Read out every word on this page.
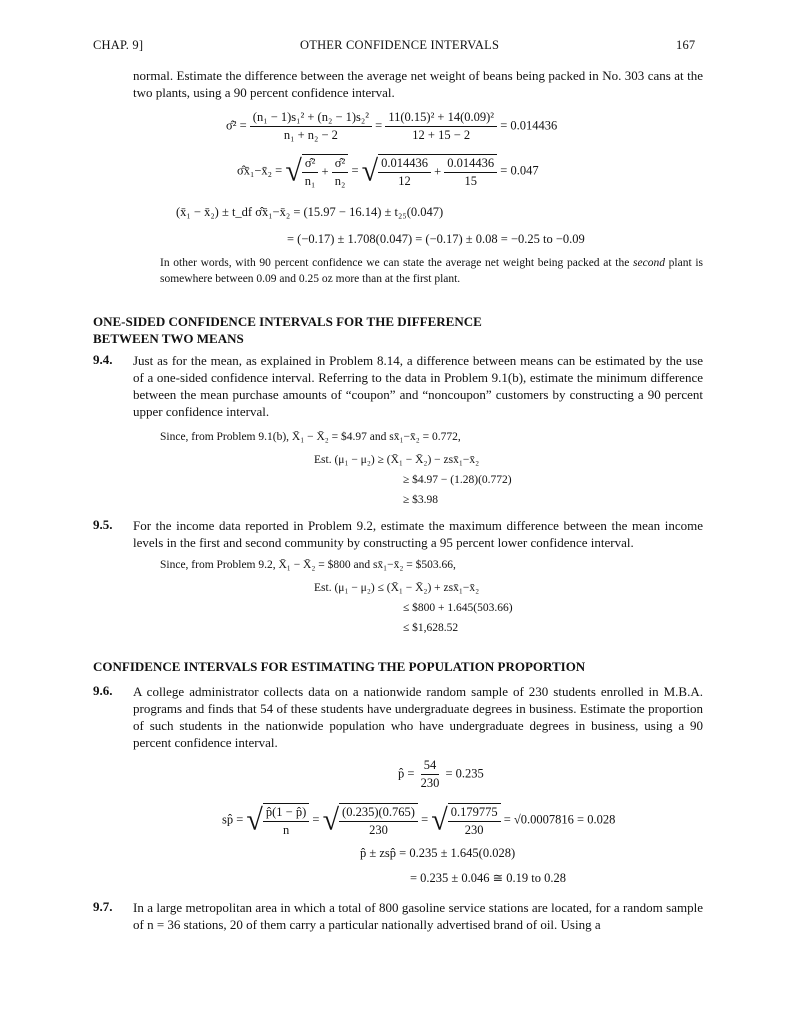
CHAP. 9]	OTHER CONFIDENCE INTERVALS	167
normal. Estimate the difference between the average net weight of beans being packed in No. 303 cans at the two plants, using a 90 percent confidence interval.
σ̂² = $\frac{\text{(n₁ − 1)s₁² + (n₂ − 1)s₂²}}{\text{n₁ + n₂ − 2}} = \frac{\text{11(0.15)² + 14(0.09)²}}{12 + 15 - 2} = 0.014436$
σ̂x̄₁−x̄₂ = √ $\frac{\text{σ̂²}}{\text{n₁}} + \frac{\text{σ̂²}}{\text{n₂}}$ = √ $\frac{0.014436}{12} + \frac{0.014436}{15} = 0.047$
(x̄₁ − x̄₂) ± t_df σ̂x̄₁−x̄₂ = (15.97 − 16.14) ± t₂₅(0.047)
= (−0.17) ± 1.708(0.047) = (−0.17) ± 0.08 = −0.25 to −0.09
In other words, with 90 percent confidence we can state the average net weight being packed at the second plant is somewhere between 0.09 and 0.25 oz more than at the first plant.
ONE-SIDED CONFIDENCE INTERVALS FOR THE DIFFERENCE
BETWEEN TWO MEANS
9.4. Just as for the mean, as explained in Problem 8.14, a difference between means can be estimated by the use of a one-sided confidence interval. Referring to the data in Problem 9.1(b), estimate the minimum difference between the mean purchase amounts of “coupon” and “noncoupon” customers by constructing a 90 percent upper confidence interval.
Since, from Problem 9.1(b), X̄₁ − X̄₂ = $4.97 and sx̄₁−x̄₂ = 0.772,
Est. (μ₁ − μ₂) ≥ (X̄₁ − X̄₂) − zsx̄₁−x̄₂
≥ $4.97 − (1.28)(0.772)
≥ $3.98
9.5. For the income data reported in Problem 9.2, estimate the maximum difference between the mean income levels in the first and second community by constructing a 95 percent lower confidence interval.
Since, from Problem 9.2, X̄₁ − X̄₂ = $800 and sx̄₁−x̄₂ = $503.66,
Est. (μ₁ − μ₂) ≤ (X̄₁ − X̄₂) + zsx̄₁−x̄₂
≤ $800 + 1.645(503.66)
≤ $1,628.52
CONFIDENCE INTERVALS FOR ESTIMATING THE POPULATION PROPORTION
9.6. A college administrator collects data on a nationwide random sample of 230 students enrolled in M.B.A. programs and finds that 54 of these students have undergraduate degrees in business. Estimate the proportion of such students in the nationwide population who have undergraduate degrees in business, using a 90 percent confidence interval.
p̂ = $\frac{54}{230} = 0.235$
sp̂ = √ $\frac{p̂(1 - p̂)}{n}$ = √ $\frac{(0.235)(0.765)}{230}$ = √ $\frac{0.179775}{230} = √0.0007816 = 0.028$
p̂ ± zsp̂ = 0.235 ± 1.645(0.028)
= 0.235 ± 0.046 ≅ 0.19 to 0.28
9.7. In a large metropolitan area in which a total of 800 gasoline service stations are located, for a random sample of n = 36 stations, 20 of them carry a particular nationally advertised brand of oil. Using a
